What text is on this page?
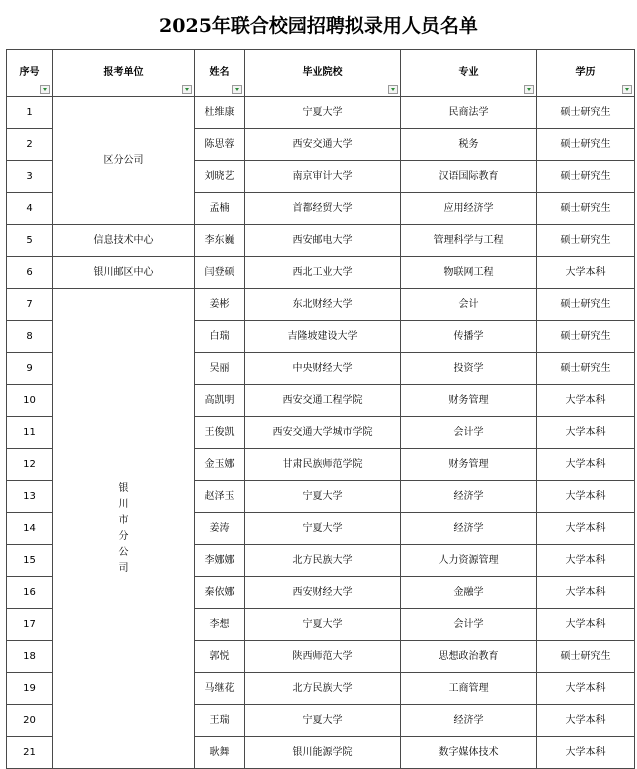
2025年联合校园招聘拟录用人员名单
序号	报考单位	姓名	毕业院校	专业	学历

1	区分公司	杜维康	宁夏大学	民商法学	硕士研究生
2		陈思蓉	西安交通大学	税务	硕士研究生
3		刘晓艺	南京审计大学	汉语国际教育	硕士研究生
4		孟楠	首都经贸大学	应用经济学	硕士研究生
5	信息技术中心	李东巍	西安邮电大学	管理科学与工程	硕士研究生
6	银川邮区中心	闫登硕	西北工业大学	物联网工程	大学本科
7	银川市分公司	姜彬	东北财经大学	会计	硕士研究生
8		白瑞	吉隆坡建设大学	传播学	硕士研究生
9		吴丽	中央财经大学	投资学	硕士研究生
10		高凯明	西安交通工程学院	财务管理	大学本科
11		王俊凯	西安交通大学城市学院	会计学	大学本科
12		金玉娜	甘肃民族师范学院	财务管理	大学本科
13		赵泽玉	宁夏大学	经济学	大学本科
14		姜涛	宁夏大学	经济学	大学本科
15		李娜娜	北方民族大学	人力资源管理	大学本科
16		秦依娜	西安财经大学	金融学	大学本科
17		李想	宁夏大学	会计学	大学本科
18		郭悦	陕西师范大学	思想政治教育	硕士研究生
19		马继花	北方民族大学	工商管理	大学本科
20		王瑞	宁夏大学	经济学	大学本科
21		耿舞	银川能源学院	数字媒体技术	大学本科
